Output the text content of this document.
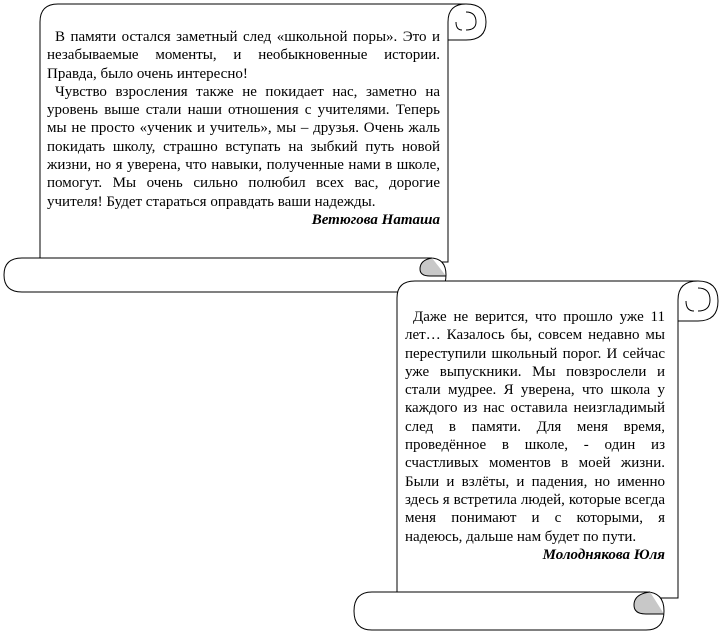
В памяти остался заметный след «школьной поры». Это и незабываемые моменты, и необыкновенные истории. Правда, было очень интересно!

Чувство взросления также не покидает нас, заметно на уровень выше стали наши отношения с учителями. Теперь мы не просто «ученик и учитель», мы – друзья. Очень жаль покидать школу, страшно вступать на зыбкий путь новой жизни, но я уверена, что навыки, полученные нами в школе, помогут. Мы очень сильно полюбил всех вас, дорогие учителя! Будет стараться оправдать ваши надежды.

Ветюгова Наташа

Даже не верится, что прошло уже 11 лет… Казалось бы, совсем недавно мы переступили школьный порог. И сейчас уже выпускники. Мы повзрослели и стали мудрее. Я уверена, что школа у каждого из нас оставила неизгладимый след в памяти. Для меня время, проведённое в школе, - один из счастливых моментов в моей жизни. Были и взлёты, и падения, но именно здесь я встретила людей, которые всегда меня понимают и с которыми, я надеюсь, дальше нам будет по пути.

Молоднякова Юля
